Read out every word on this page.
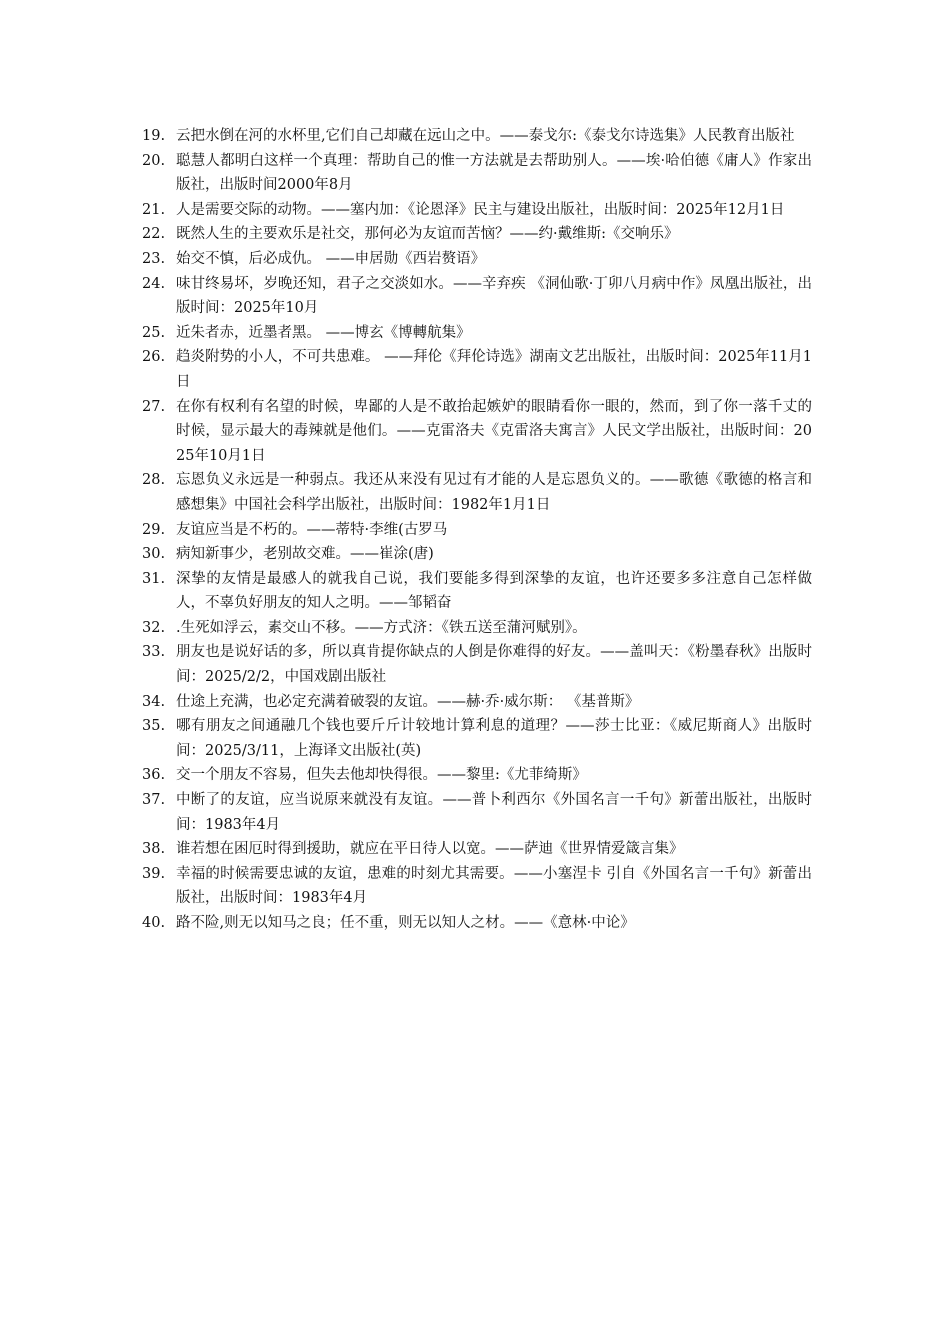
19. 云把水倒在河的水杯里,它们自己却藏在远山之中。——泰戈尔:《泰戈尔诗选集》人民教育出版社
20. 聪慧人都明白这样一个真理：帮助自己的惟一方法就是去帮助别人。——埃·哈伯德《庸人》作家出版社，出版时间2000年8月
21. 人是需要交际的动物。——塞内加：《论恩泽》民主与建设出版社，出版时间：2025年12月1日
22. 既然人生的主要欢乐是社交，那何必为友谊而苦恼？——约·戴维斯:《交响乐》
23. 始交不慎，后必成仇。 ——申居勋《西岩赘语》
24. 味甘终易坏，岁晚还知，君子之交淡如水。——辛弃疾 《洞仙歌·丁卯八月病中作》凤凰出版社，出版时间：2025年10月
25. 近朱者赤，近墨者黑。 ——博玄《博轉航集》
26. 趋炎附势的小人，不可共患难。 ——拜伦《拜伦诗选》湖南文艺出版社，出版时间：2025年11月1日
27. 在你有权利有名望的时候，卑鄙的人是不敢抬起嫉妒的眼睛看你一眼的，然而，到了你一落千丈的时候，显示最大的毒辣就是他们。——克雷洛夫《克雷洛夫寓言》人民文学出版社，出版时间：2025年10月1日
28. 忘恩负义永远是一种弱点。我还从来没有见过有才能的人是忘恩负义的。——歌德《歌德的格言和感想集》中国社会科学出版社，出版时间：1982年1月1日
29. 友谊应当是不朽的。——蒂特·李维(古罗马
30. 病知新事少，老别故交难。——崔涂(唐)
31. 深挚的友情是最感人的就我自己说，我们要能多得到深挚的友谊，也许还要多多注意自己怎样做人，不辜负好朋友的知人之明。——邹韬奋
32. .生死如浮云，素交山不移。——方式济：《铁五送至蒲河赋别》。
33. 朋友也是说好话的多，所以真肯提你缺点的人倒是你难得的好友。——盖叫天：《粉墨春秋》出版时间：2025/2/2，中国戏剧出版社
34. 仕途上充满，也必定充满着破裂的友谊。——赫·乔·威尔斯： 《基普斯》
35. 哪有朋友之间通融几个钱也要斤斤计较地计算利息的道理？——莎士比亚：《威尼斯商人》出版时间：2025/3/11，上海译文出版社(英)
36. 交一个朋友不容易，但失去他却快得很。——黎里:《尤菲绮斯》
37. 中断了的友谊，应当说原来就没有友谊。——普卜利西尔《外国名言一千句》新蕾出版社，出版时间：1983年4月
38. 谁若想在困厄时得到援助，就应在平日待人以宽。——萨迪《世界情爱箴言集》
39. 幸福的时候需要忠诚的友谊，患难的时刻尤其需要。——小塞涅卡 引自《外国名言一千句》新蕾出版社，出版时间：1983年4月
40. 路不险,则无以知马之良；任不重，则无以知人之材。——《意林·中论》
